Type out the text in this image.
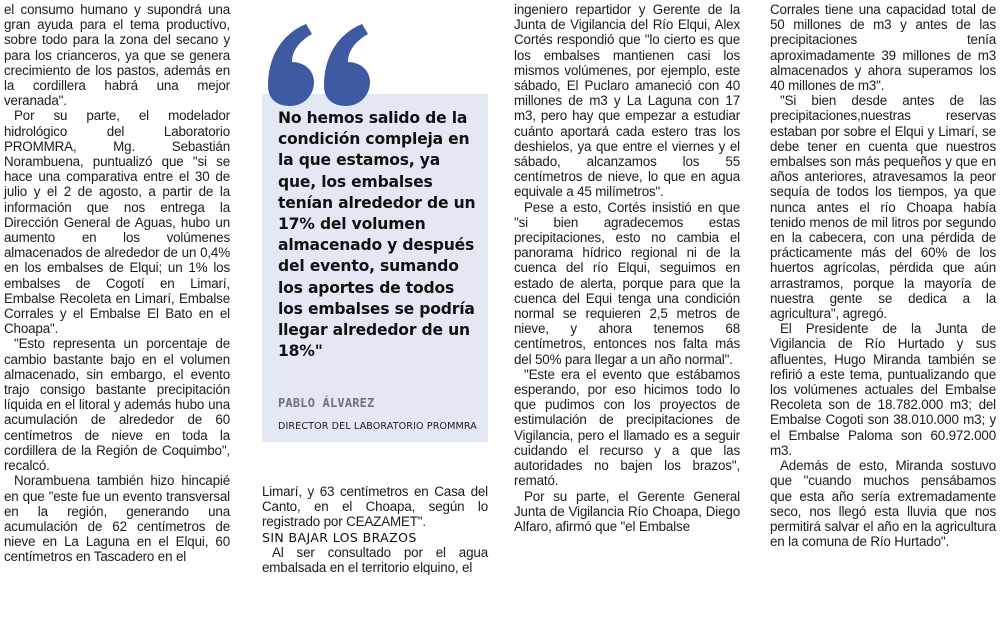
el consumo humano y supondrá una gran ayuda para el tema productivo, sobre todo para la zona del secano y para los crianceros, ya que se genera crecimiento de los pastos, además en la cordillera habrá una mejor veranada".

Por su parte, el modelador hidrológico del Laboratorio PROMMRA, Mg. Sebastián Norambuena, puntualizó que "si se hace una comparativa entre el 30 de julio y el 2 de agosto, a partir de la información que nos entrega la Dirección General de Aguas, hubo un aumento en los volúmenes almacenados de alrededor de un 0,4% en los embalses de Elqui; un 1% los embalses de Cogotí en Limarí, Embalse Recoleta en Limarí, Embalse Corrales y el Embalse El Bato en el Choapa".

"Esto representa un porcentaje de cambio bastante bajo en el volumen almacenado, sin embargo, el evento trajo consigo bastante precipitación líquida en el litoral y además hubo una acumulación de alrededor de 60 centímetros de nieve en toda la cordillera de la Región de Coquimbo", recalcó.

Norambuena también hizo hincapié en que "este fue un evento transversal en la región, generando una acumulación de 62 centímetros de nieve en La Laguna en el Elqui, 60 centímetros en Tascadero en el

No hemos salido de la condición compleja en la que estamos, ya que, los embalses tenían alrededor de un 17% del volumen almacenado y después del evento, sumando los aportes de todos los embalses se podría llegar alrededor de un 18%"
PABLO ÁLVAREZ
DIRECTOR DEL LABORATORIO PROMMRA

Limarí, y 63 centímetros en Casa del Canto, en el Choapa, según lo registrado por CEAZAMET".

SIN BAJAR LOS BRAZOS

Al ser consultado por el agua embalsada en el territorio elquino, el

ingeniero repartidor y Gerente de la Junta de Vigilancia del Río Elqui, Alex Cortés respondió que "lo cierto es que los embalses mantienen casi los mismos volúmenes, por ejemplo, este sábado, El Puclaro amaneció con 40 millones de m3 y La Laguna con 17 m3, pero hay que empezar a estudiar cuánto aportará cada estero tras los deshielos, ya que entre el viernes y el sábado, alcanzamos los 55 centímetros de nieve, lo que en agua equivale a 45 milímetros".

Pese a esto, Cortés insistió en que "si bien agradecemos estas precipitaciones, esto no cambia el panorama hídrico regional ni de la cuenca del río Elqui, seguimos en estado de alerta, porque para que la cuenca del Equi tenga una condición normal se requieren 2,5 metros de nieve, y ahora tenemos 68 centímetros, entonces nos falta más del 50% para llegar a un año normal".

"Este era el evento que estábamos esperando, por eso hicimos todo lo que pudimos con los proyectos de estimulación de precipitaciones de Vigilancia, pero el llamado es a seguir cuidando el recurso y a que las autoridades no bajen los brazos", remató.

Por su parte, el Gerente General Junta de Vigilancia Río Choapa, Diego Alfaro, afirmó que "el Embalse

Corrales tiene una capacidad total de 50 millones de m3 y antes de las precipitaciones tenía aproximadamente 39 millones de m3 almacenados y ahora superamos los 40 millones de m3".

"Si bien desde antes de las precipitaciones,nuestras reservas estaban por sobre el Elqui y Limarí, se debe tener en cuenta que nuestros embalses son más pequeños y que en años anteriores, atravesamos la peor sequía de todos los tiempos, ya que nunca antes el río Choapa había tenido menos de mil litros por segundo en la cabecera, con una pérdida de prácticamente más del 60% de los huertos agrícolas, pérdida que aún arrastramos, porque la mayoría de nuestra gente se dedica a la agricultura", agregó.

El Presidente de la Junta de Vigilancia de Río Hurtado y sus afluentes, Hugo Miranda también se refirió a este tema, puntualizando que los volúmenes actuales del Embalse Recoleta son de 18.782.000 m3; del Embalse Cogoti son 38.010.000 m3; y el Embalse Paloma son 60.972.000 m3.

Además de esto, Miranda sostuvo que "cuando muchos pensábamos que esta año sería extremadamente seco, nos llegó esta lluvia que nos permitirá salvar el año en la agricultura en la comuna de Río Hurtado".
